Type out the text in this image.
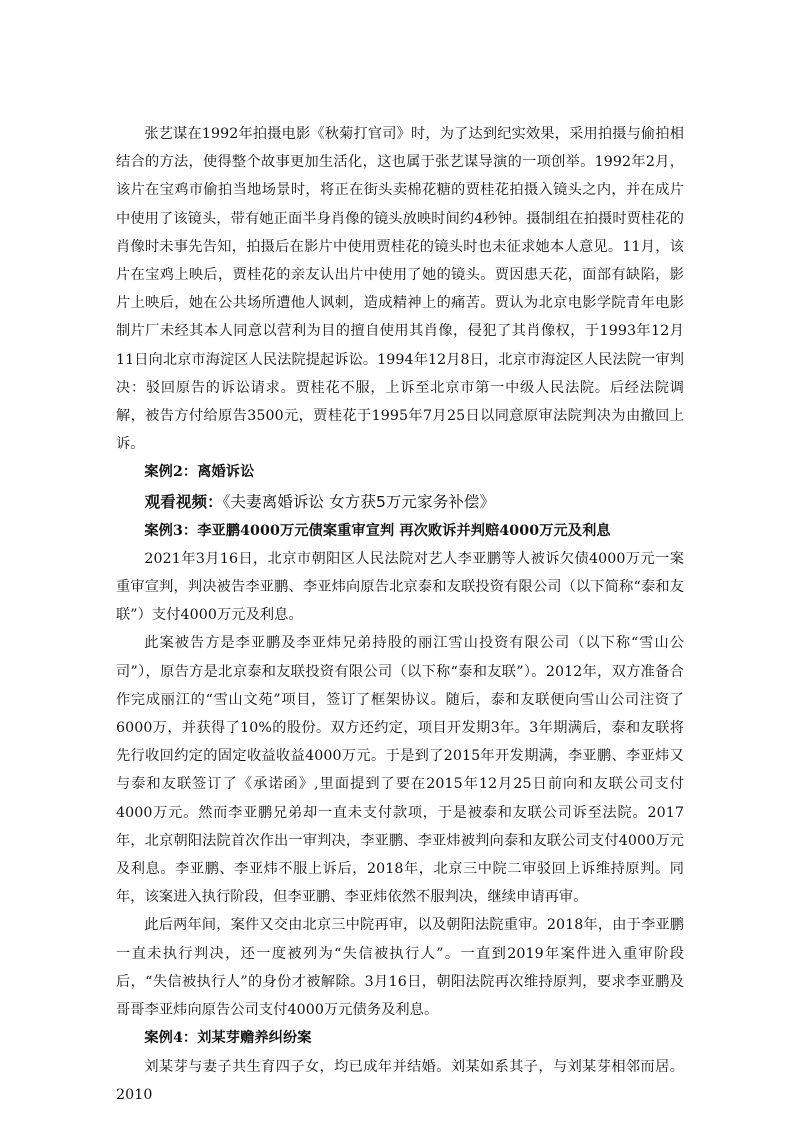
张艺谋在1992年拍摄电影《秋菊打官司》时，为了达到纪实效果，采用拍摄与偷拍相结合的方法，使得整个故事更加生活化，这也属于张艺谋导演的一项创举。1992年2月，该片在宝鸡市偷拍当地场景时，将正在街头卖棉花糖的贾桂花拍摄入镜头之内，并在成片中使用了该镜头，带有她正面半身肖像的镜头放映时间约4秒钟。摄制组在拍摄时贾桂花的肖像时未事先告知，拍摄后在影片中使用贾桂花的镜头时也未征求她本人意见。11月，该片在宝鸡上映后，贾桂花的亲友认出片中使用了她的镜头。贾因患天花，面部有缺陷，影片上映后，她在公共场所遭他人讽刺，造成精神上的痛苦。贾认为北京电影学院青年电影制片厂未经其本人同意以营利为目的擅自使用其肖像，侵犯了其肖像权，于1993年12月11日向北京市海淀区人民法院提起诉讼。1994年12月8日，北京市海淀区人民法院一审判决：驳回原告的诉讼请求。贾桂花不服，上诉至北京市第一中级人民法院。后经法院调解，被告方付给原告3500元，贾桂花于1995年7月25日以同意原审法院判决为由撤回上诉。

案例2：离婚诉讼
观看视频：《夫妻离婚诉讼 女方获5万元家务补偿》
案例3：李亚鹏4000万元债案重审宣判 再次败诉并判赔4000万元及利息

2021年3月16日，北京市朝阳区人民法院对艺人李亚鹏等人被诉欠债4000万元一案重审宣判，判决被告李亚鹏、李亚炜向原告北京泰和友联投资有限公司（以下简称“泰和友联”）支付4000万元及利息。

此案被告方是李亚鹏及李亚炜兄弟持股的丽江雪山投资有限公司（以下称“雪山公司”），原告方是北京泰和友联投资有限公司（以下称“泰和友联”）。2012年，双方准备合作完成丽江的“雪山文苑”项目，签订了框架协议。随后，泰和友联便向雪山公司注资了6000万，并获得了10%的股份。双方还约定，项目开发期3年。3年期满后，泰和友联将先行收回约定的固定收益收益4000万元。于是到了2015年开发期满，李亚鹏、李亚炜又与泰和友联签订了《承诺函》,里面提到了要在2015年12月25日前向和友联公司支付4000万元。然而李亚鹏兄弟却一直未支付款项，于是被泰和友联公司诉至法院。2017年，北京朝阳法院首次作出一审判决，李亚鹏、李亚炜被判向泰和友联公司支付4000万元及利息。李亚鹏、李亚炜不服上诉后，2018年，北京三中院二审驳回上诉维持原判。同年，该案进入执行阶段，但李亚鹏、李亚炜依然不服判决，继续申请再审。

此后两年间，案件又交由北京三中院再审，以及朝阳法院重审。2018年，由于李亚鹏一直未执行判决，还一度被列为“失信被执行人”。一直到2019年案件进入重审阶段后，“失信被执行人”的身份才被解除。3月16日，朝阳法院再次维持原判，要求李亚鹏及哥哥李亚炜向原告公司支付4000万元债务及利息。

案例4：刘某芽赡养纠纷案

刘某芽与妻子共生育四子女，均已成年并结婚。刘某如系其子，与刘某芽相邻而居。2010
